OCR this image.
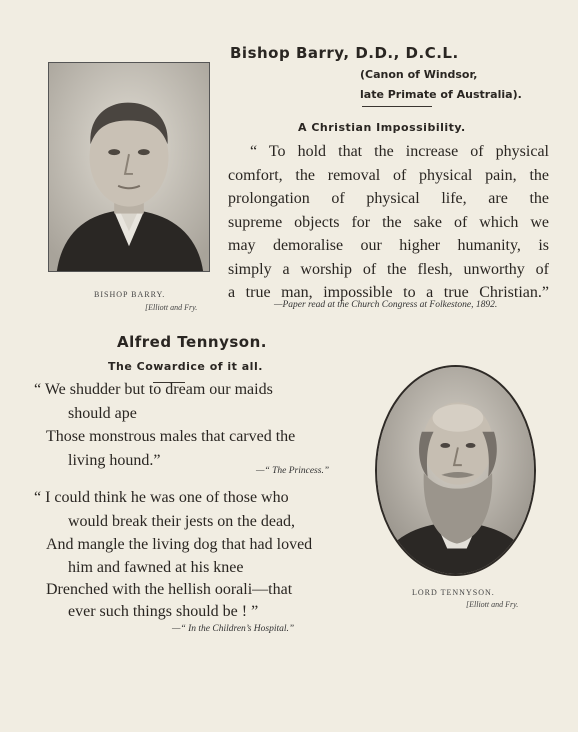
BISHOP BARRY.
[Elliott and Fry.
Bishop Barry, D.D., D.C.L.
(Canon of Windsor,
late Primate of Australia).
A Christian Impossibility.
“ To hold that the increase of physical
comfort, the removal of physical pain, the
prolongation of physical life, are the
supreme objects for the sake of which we
may demoralise our higher humanity, is
simply a worship of the flesh, unworthy of
a true man, impossible to a true Christian.”
—Paper read at the Church Congress at Folkestone, 1892.
Alfred Tennyson.
The Cowardice of it all.
“ We shudder but to dream our maids
should ape
Those monstrous males that carved the
living hound.”
—“ The Princess.”
“ I could think he was one of those who
would break their jests on the dead,
And mangle the living dog that had loved
him and fawned at his knee
Drenched with the hellish oorali—that
ever such things should be ! ”
—“ In the Children’s Hospital.”
LORD TENNYSON.
[Elliott and Fry.
